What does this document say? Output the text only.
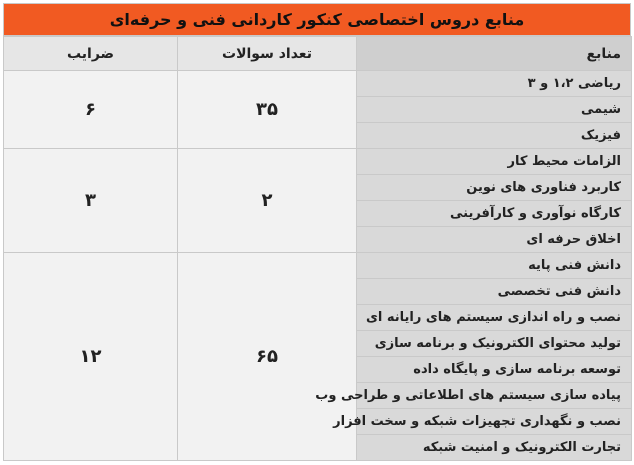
منابع دروس اختصاصی کنکور کاردانی فنی و حرفه‌ای
منابع	تعداد سوالات	ضرایب
ریاضی ۱،۲ و ۳	۳۵	۶
شیمی		
فیزیک		
الزامات محیط کار	۲	۳
کاربرد فناوری های نوین		
کارگاه نوآوری و کارآفرینی		
اخلاق حرفه ای		
دانش فنی پایه	۶۵	۱۲
دانش فنی تخصصی		
نصب و راه اندازی سیستم های رایانه ای		
تولید محتوای الکترونیک و برنامه سازی		
توسعه برنامه سازی و پایگاه داده		
پیاده سازی سیستم های اطلاعاتی و طراحی وب		
نصب و نگهداری تجهیزات شبکه و سخت افزار		
تجارت الکترونیک و امنیت شبکه		
